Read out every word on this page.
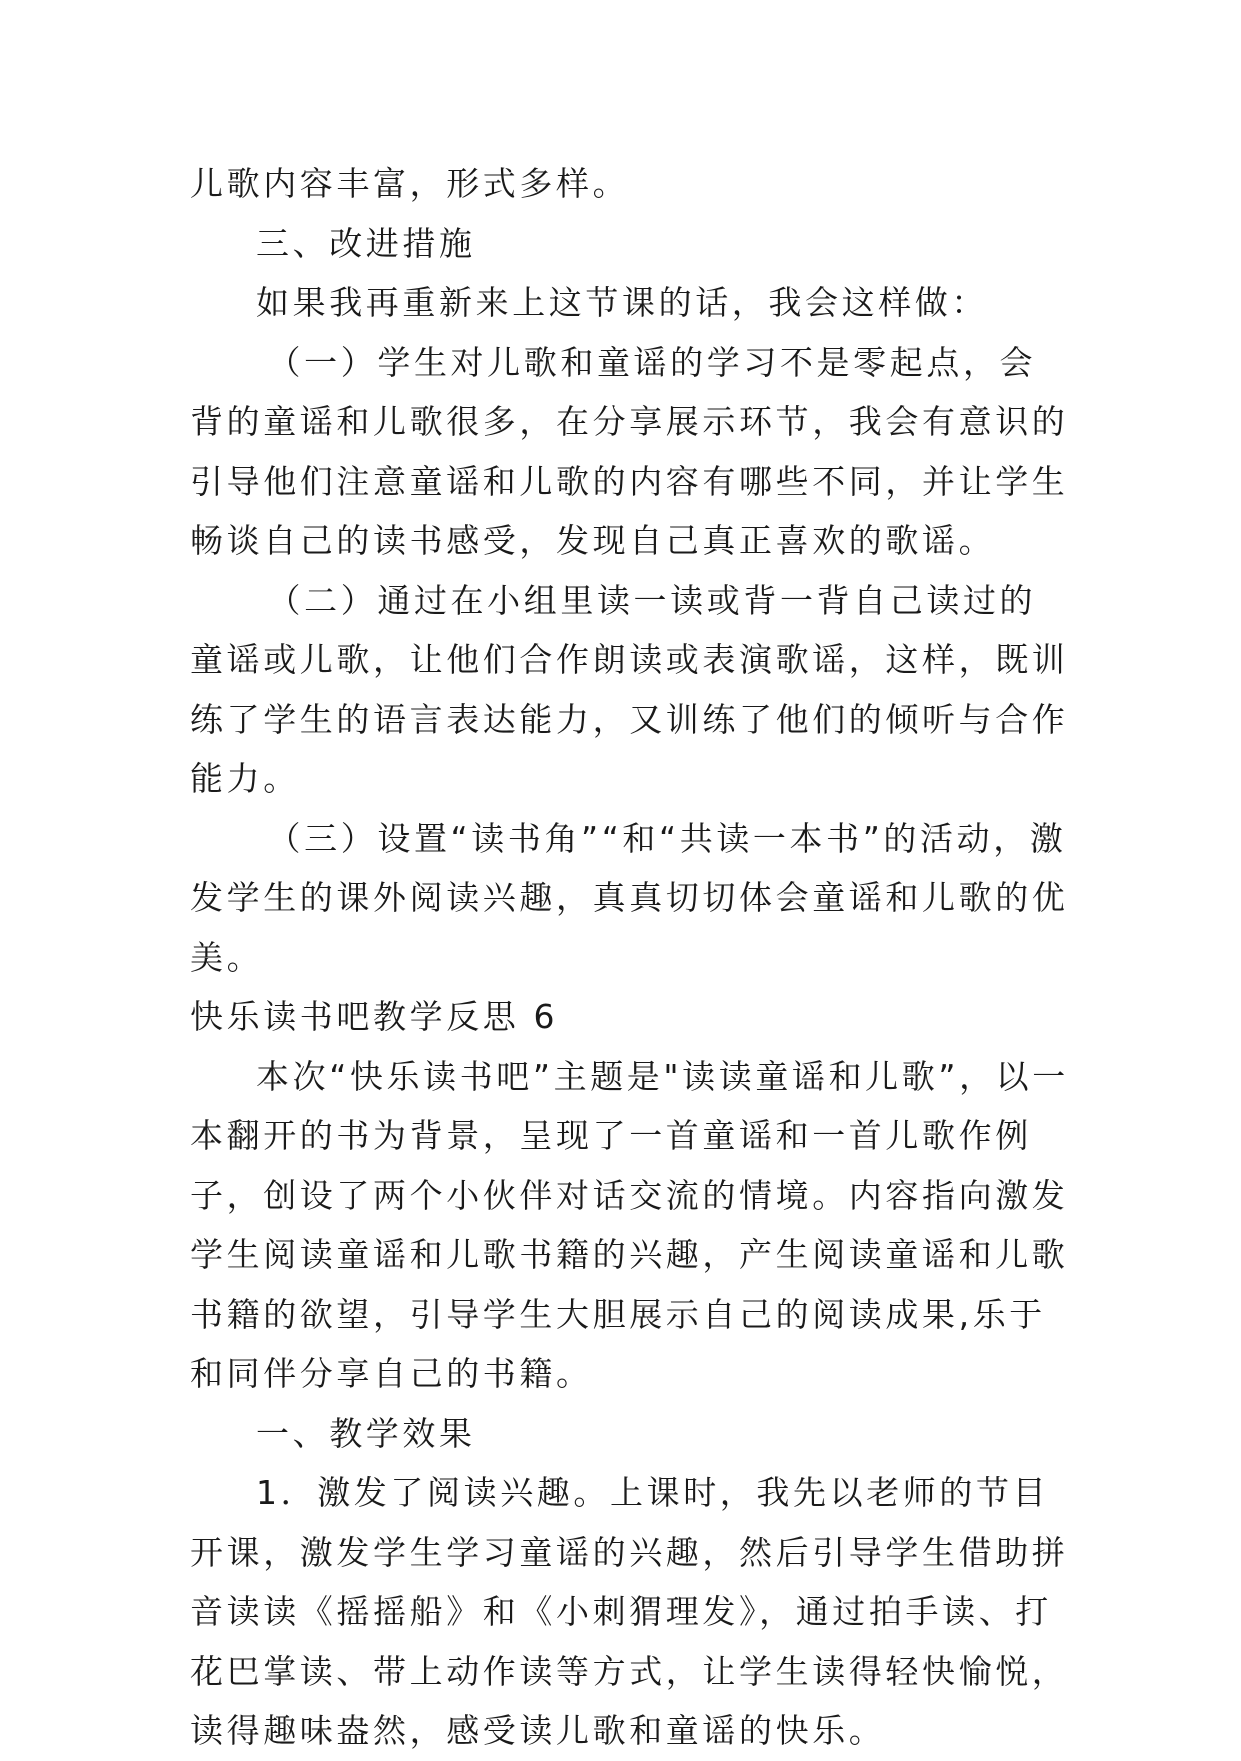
儿歌内容丰富，形式多样。

三、改进措施

如果我再重新来上这节课的话，我会这样做：

（一）学生对儿歌和童谣的学习不是零起点，会背的童谣和儿歌很多，在分享展示环节，我会有意识的引导他们注意童谣和儿歌的内容有哪些不同，并让学生畅谈自己的读书感受，发现自己真正喜欢的歌谣。

（二）通过在小组里读一读或背一背自己读过的童谣或儿歌，让他们合作朗读或表演歌谣，这样，既训练了学生的语言表达能力，又训练了他们的倾听与合作能力。

（三）设置“读书角”“和“共读一本书”的活动，激发学生的课外阅读兴趣，真真切切体会童谣和儿歌的优美。

快乐读书吧教学反思 6

本次“快乐读书吧”主题是"读读童谣和儿歌”，以一本翻开的书为背景，呈现了一首童谣和一首儿歌作例子，创设了两个小伙伴对话交流的情境。内容指向激发学生阅读童谣和儿歌书籍的兴趣，产生阅读童谣和儿歌书籍的欲望，引导学生大胆展示自己的阅读成果,乐于和同伴分享自己的书籍。

一、教学效果

1．激发了阅读兴趣。上课时，我先以老师的节目开课，激发学生学习童谣的兴趣，然后引导学生借助拼音读读《摇摇船》和《小刺猬理发》，通过拍手读、打花巴掌读、带上动作读等方式，让学生读得轻快愉悦，读得趣味盎然，感受读儿歌和童谣的快乐。
